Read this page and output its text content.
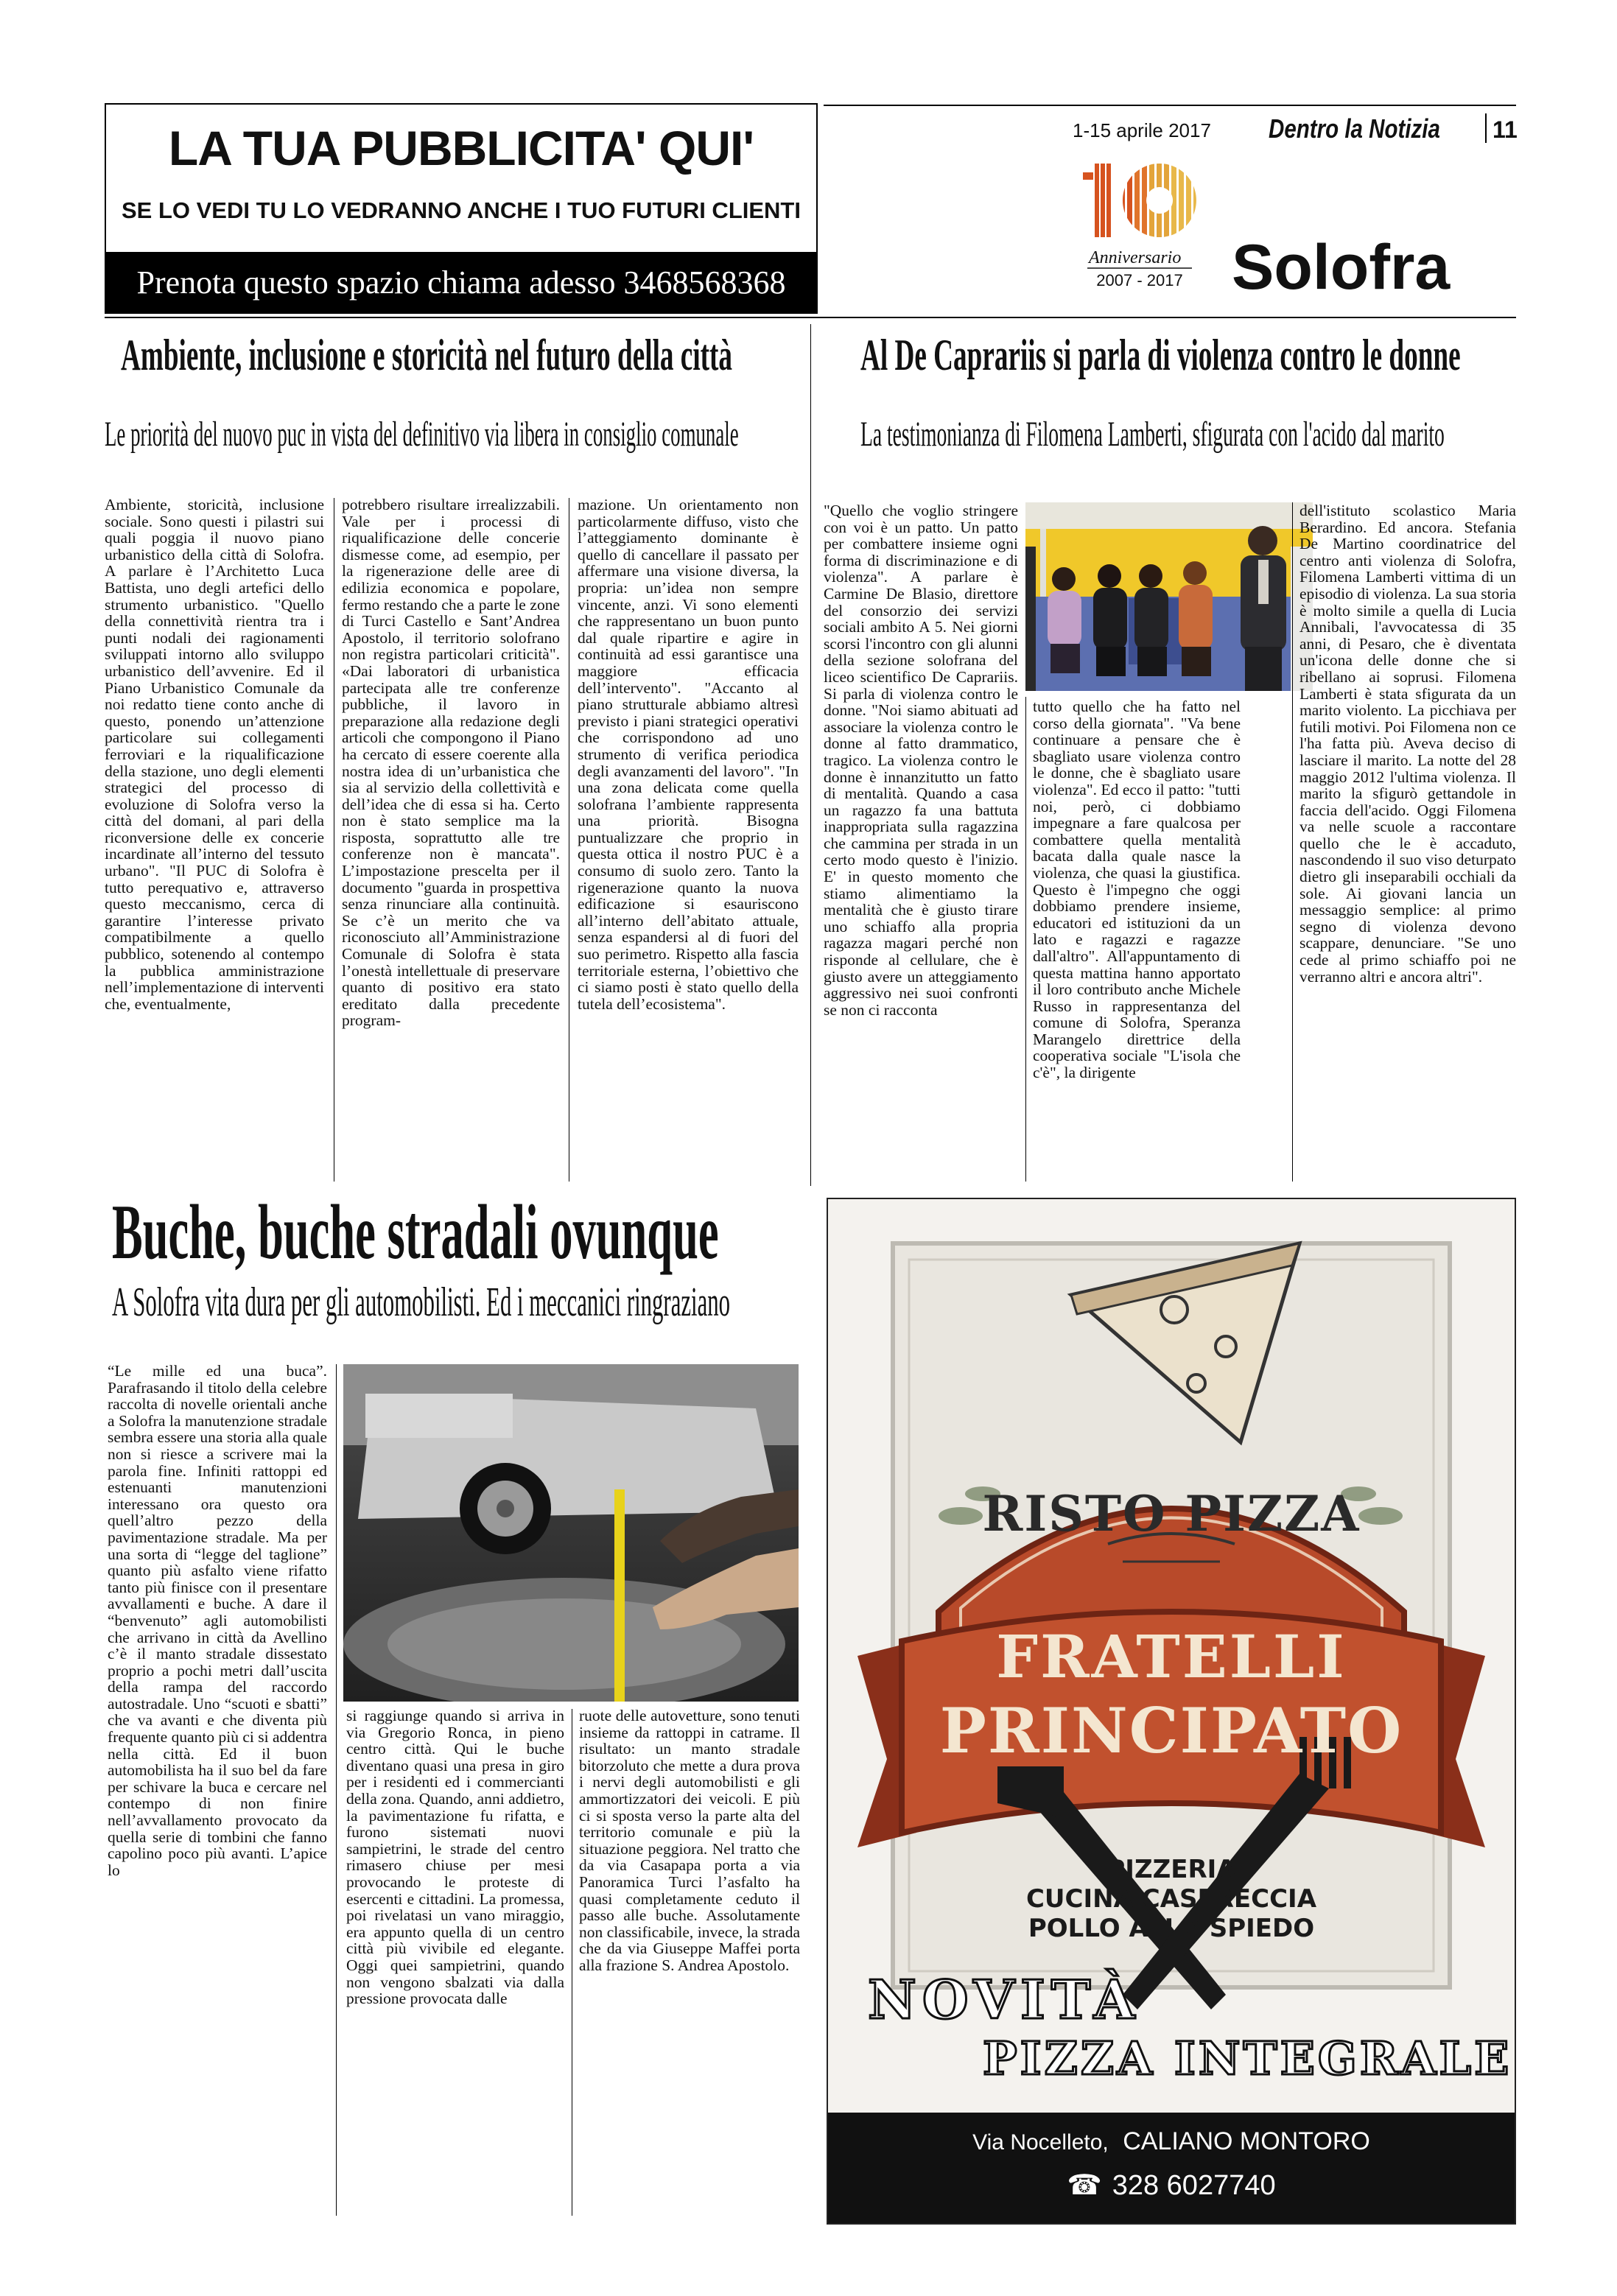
LA TUA PUBBLICITA' QUI'
SE LO VEDI TU LO VEDRANNO ANCHE I TUO FUTURI CLIENTI
Prenota questo spazio chiama adesso 3468568368
1-15 aprile 2017 Dentro la Notizia 11
Anniversario
2007 - 2017 Solofra
Ambiente, inclusione e storicità nel futuro della città
Le priorità del nuovo puc in vista del definitivo via libera in consiglio comunale

Ambiente, storicità, inclusione sociale. Sono questi i pilastri sui quali poggia il nuovo piano urbanistico della città di Solofra. A parlare è l’Architetto Luca Battista, uno degli artefici dello strumento urbanistico. "Quello della connettività rientra tra i punti nodali dei ragionamenti sviluppati intorno allo sviluppo urbanistico dell’avvenire. Ed il Piano Urbanistico Comunale da noi redatto tiene conto anche di questo, ponendo un’attenzione particolare sui collegamenti ferroviari e la riqualificazione della stazione, uno degli elementi strategici del processo di evoluzione di Solofra verso la città del domani, al pari della riconversione delle ex concerie incardinate all’interno del tessuto urbano". "Il PUC di Solofra è tutto perequativo e, attraverso questo meccanismo, cerca di garantire l’interesse privato compatibilmente a quello pubblico, sotenendo al contempo la pubblica amministrazione nell’implementazione di interventi che, eventualmente,

potrebbero risultare irrealizzabili. Vale per i processi di riqualificazione delle concerie dismesse come, ad esempio, per la rigenerazione delle aree di edilizia economica e popolare, fermo restando che a parte le zone di Turci Castello e Sant’Andrea Apostolo, il territorio solofrano non registra particolari criticità". «Dai laboratori di urbanistica partecipata alle tre conferenze pubbliche, il lavoro in preparazione alla redazione degli articoli che compongono il Piano ha cercato di essere coerente alla nostra idea di un’urbanistica che sia al servizio della collettività e dell’idea che di essa si ha. Certo non è stato semplice ma la risposta, soprattutto alle tre conferenze non è mancata". L’impostazione prescelta per il documento "guarda in prospettiva senza rinunciare alla continuità. Se c’è un merito che va riconosciuto all’Amministrazione Comunale di Solofra è stata l’onestà intellettuale di preservare quanto di positivo era stato ereditato dalla precedente program-

mazione. Un orientamento non particolarmente diffuso, visto che l’atteggiamento dominante è quello di cancellare il passato per affermare una visione diversa, la propria: un’idea non sempre vincente, anzi. Vi sono elementi che rappresentano un buon punto dal quale ripartire e agire in continuità ad essi garantisce una maggiore efficacia dell’intervento". "Accanto al piano strutturale abbiamo altresì previsto i piani strategici operativi che corrispondono ad uno strumento di verifica periodica degli avanzamenti del lavoro". "In una zona delicata come quella solofrana l’ambiente rappresenta una priorità. Bisogna puntualizzare che proprio in questa ottica il nostro PUC è a consumo di suolo zero. Tanto la rigenerazione quanto la nuova edificazione si esauriscono all’interno dell’abitato attuale, senza espandersi al di fuori del suo perimetro. Rispetto alla fascia territoriale esterna, l’obiettivo che ci siamo posti è stato quello della tutela dell’ecosistema".

Al De Caprariis si parla di violenza contro le donne
La testimonianza di Filomena Lamberti, sfigurata con l'acido dal marito

"Quello che voglio stringere con voi è un patto. Un patto per combattere insieme ogni forma di discriminazione e di violenza". A parlare è Carmine De Blasio, direttore del consorzio dei servizi sociali ambito A 5. Nei giorni scorsi l'incontro con gli alunni della sezione solofrana del liceo scientifico De Caprariis. Si parla di violenza contro le donne. "Noi siamo abituati ad associare la violenza contro le donne al fatto drammatico, tragico. La violenza contro le donne è innanzitutto un fatto di mentalità. Quando a casa un ragazzo fa una battuta inappropriata sulla ragazzina che cammina per strada in un certo modo questo è l'inizio. E' in questo momento che stiamo alimentiamo la mentalità che è giusto tirare uno schiaffo alla propria ragazza magari perché non risponde al cellulare, che è giusto avere un atteggiamento aggressivo nei suoi confronti se non ci racconta

tutto quello che ha fatto nel corso della giornata". "Va bene continuare a pensare che è sbagliato usare violenza contro le donne, che è sbagliato usare violenza". Ed ecco il patto: "tutti noi, però, ci dobbiamo impegnare a fare qualcosa per combattere quella mentalità bacata dalla quale nasce la violenza, che quasi la giustifica. Questo è l'impegno che oggi dobbiamo prendere insieme, educatori ed istituzioni da un lato e ragazzi e ragazze dall'altro". All'appuntamento di questa mattina hanno apportato il loro contributo anche Michele Russo in rappresentanza del comune di Solofra, Speranza Marangelo direttrice della cooperativa sociale "L'isola che c'è", la dirigente

dell'istituto scolastico Maria Berardino. Ed ancora. Stefania De Martino coordinatrice del centro anti violenza di Solofra, Filomena Lamberti vittima di un episodio di violenza. La sua storia è molto simile a quella di Lucia Annibali, l'avvocatessa di 35 anni, di Pesaro, che è diventata un'icona delle donne che si ribellano ai soprusi. Filomena Lamberti è stata sfigurata da un marito violento. La picchiava per futili motivi. Poi Filomena non ce l'ha fatta più. Aveva deciso di lasciare il marito. La notte del 28 maggio 2012 l'ultima violenza. Il marito la sfigurò gettandole in faccia dell'acido. Oggi Filomena va nelle scuole a raccontare quello che le è accaduto, nascondendo il suo viso deturpato dietro gli inseparabili occhiali da sole. Ai giovani lancia un messaggio semplice: al primo segno di violenza devono scappare, denunciare. "Se uno cede al primo schiaffo poi ne verranno altri e ancora altri".

Buche, buche stradali ovunque
A Solofra vita dura per gli automobilisti. Ed i meccanici ringraziano

“Le mille ed una buca”. Parafrasando il titolo della celebre raccolta di novelle orientali anche a Solofra la manutenzione stradale sembra essere una storia alla quale non si riesce a scrivere mai la parola fine. Infiniti rattoppi ed estenuanti manutenzioni interessano ora questo ora quell’altro pezzo della pavimentazione stradale. Ma per una sorta di “legge del taglione” quanto più asfalto viene rifatto tanto più finisce con il presentare avvallamenti e buche. A dare il “benvenuto” agli automobilisti che arrivano in città da Avellino c’è il manto stradale dissestato proprio a pochi metri dall’uscita della rampa del raccordo autostradale. Uno “scuoti e sbatti” che va avanti e che diventa più frequente quanto più ci si addentra nella città. Ed il buon automobilista ha il suo bel da fare per schivare la buca e cercare nel contempo di non finire nell’avvallamento provocato da quella serie di tombini che fanno capolino poco più avanti. L’apice lo

si raggiunge quando si arriva in via Gregorio Ronca, in pieno centro città. Qui le buche diventano quasi una presa in giro per i residenti ed i commercianti della zona. Quando, anni addietro, la pavimentazione fu rifatta, e furono sistemati nuovi sampietrini, le strade del centro rimasero chiuse per mesi provocando le proteste di esercenti e cittadini. La promessa, poi rivelatasi un vano miraggio, era appunto quella di un centro città più vivibile ed elegante. Oggi quei sampietrini, quando non vengono sbalzati via dalla pressione provocata dalle

ruote delle autovetture, sono tenuti insieme da rattoppi in catrame. Il risultato: un manto stradale bitorzoluto che mette a dura prova i nervi degli automobilisti e gli ammortizzatori dei veicoli. E più ci si sposta verso la parte alta del territorio comunale e più la situazione peggiora. Nel tratto che da via Casapapa porta a via Panoramica Turci l’asfalto ha quasi completamente ceduto il passo alle buche. Assolutamente non classificabile, invece, la strada che da via Giuseppe Maffei porta alla frazione S. Andrea Apostolo.

RISTO PIZZA
FRATELLI
PRINCIPATO
PIZZERIA
CUCINA CASERECCIA
POLLO ALLO SPIEDO
NOVITÀ
PIZZA INTEGRALE
Via Nocelleto, CALIANO MONTORO
☎ 328 6027740
